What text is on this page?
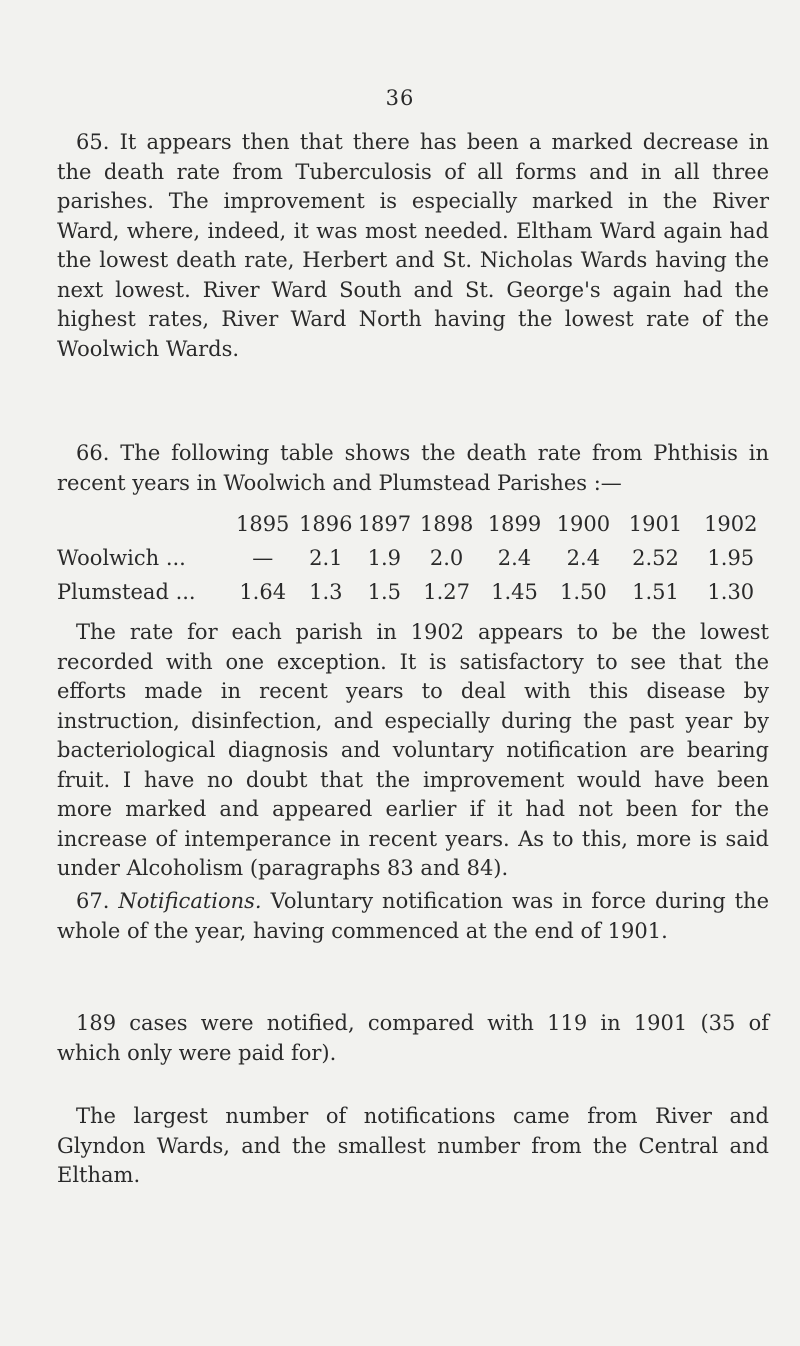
36

65. It appears then that there has been a marked decrease in the death rate from Tuberculosis of all forms and in all three parishes. The improvement is especially marked in the River Ward, where, indeed, it was most needed. Eltham Ward again had the lowest death rate, Herbert and St. Nicholas Wards having the next lowest. River Ward South and St. George's again had the highest rates, River Ward North having the lowest rate of the Woolwich Wards.

66. The following table shows the death rate from Phthisis in recent years in Woolwich and Plumstead Parishes :—

	1895	1896	1897	1898	1899	1900	1901	1902
Woolwich ...	—	2.1	1.9	2.0	2.4	2.4	2.52	1.95
Plumstead ...	1.64	1.3	1.5	1.27	1.45	1.50	1.51	1.30

The rate for each parish in 1902 appears to be the lowest recorded with one exception. It is satisfactory to see that the efforts made in recent years to deal with this disease by instruction, disinfection, and especially during the past year by bacteriological diagnosis and voluntary notification are bearing fruit. I have no doubt that the improvement would have been more marked and appeared earlier if it had not been for the increase of intemperance in recent years. As to this, more is said under Alcoholism (paragraphs 83 and 84).

67. Notifications. Voluntary notification was in force during the whole of the year, having commenced at the end of 1901.

189 cases were notified, compared with 119 in 1901 (35 of which only were paid for).

The largest number of notifications came from River and Glyndon Wards, and the smallest number from the Central and Eltham.
